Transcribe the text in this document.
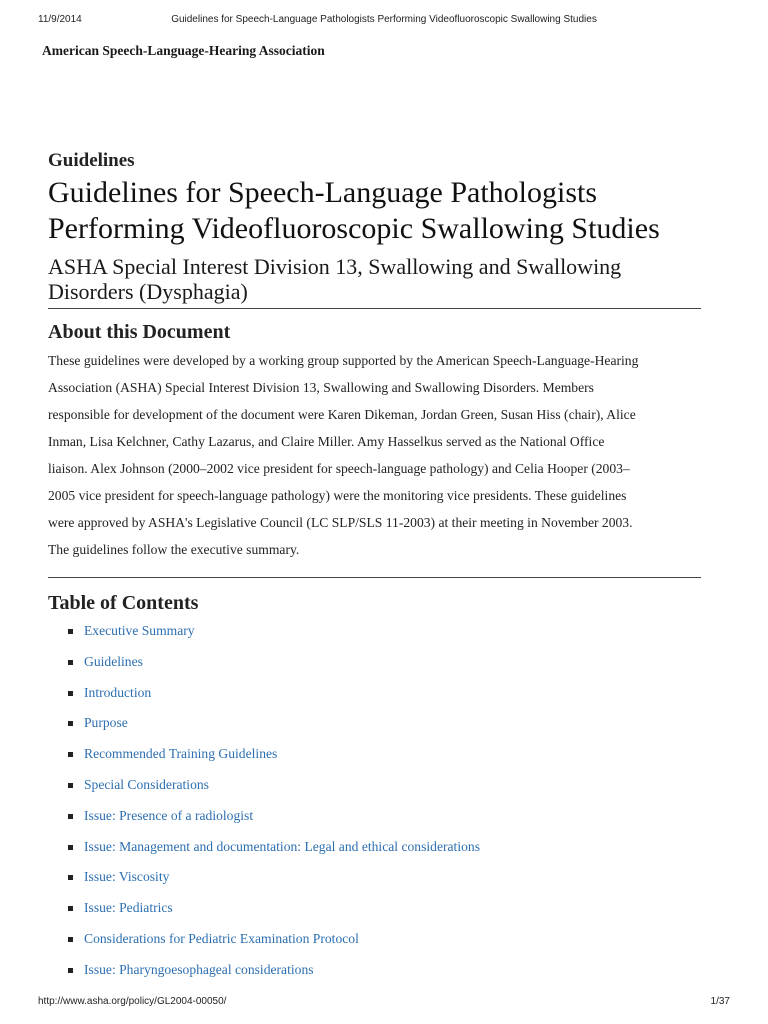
11/9/2014	Guidelines for Speech-Language Pathologists Performing Videofluoroscopic Swallowing Studies
American Speech-Language-Hearing Association
Guidelines
Guidelines for Speech-Language Pathologists
Performing Videofluoroscopic Swallowing Studies
ASHA Special Interest Division 13, Swallowing and Swallowing
Disorders (Dysphagia)
About this Document

These guidelines were developed by a working group supported by the American Speech-Language-Hearing
Association (ASHA) Special Interest Division 13, Swallowing and Swallowing Disorders. Members
responsible for development of the document were Karen Dikeman, Jordan Green, Susan Hiss (chair), Alice
Inman, Lisa Kelchner, Cathy Lazarus, and Claire Miller. Amy Hasselkus served as the National Office
liaison. Alex Johnson (2000–2002 vice president for speech-language pathology) and Celia Hooper (2003–
2005 vice president for speech-language pathology) were the monitoring vice presidents. These guidelines
were approved by ASHA's Legislative Council (LC SLP/SLS 11-2003) at their meeting in November 2003.
The guidelines follow the executive summary.

Table of Contents
Executive Summary
Guidelines
Introduction
Purpose
Recommended Training Guidelines
Special Considerations
Issue: Presence of a radiologist
Issue: Management and documentation: Legal and ethical considerations
Issue: Viscosity
Issue: Pediatrics
Considerations for Pediatric Examination Protocol
Issue: Pharyngoesophageal considerations
http://www.asha.org/policy/GL2004-00050/	1/37
